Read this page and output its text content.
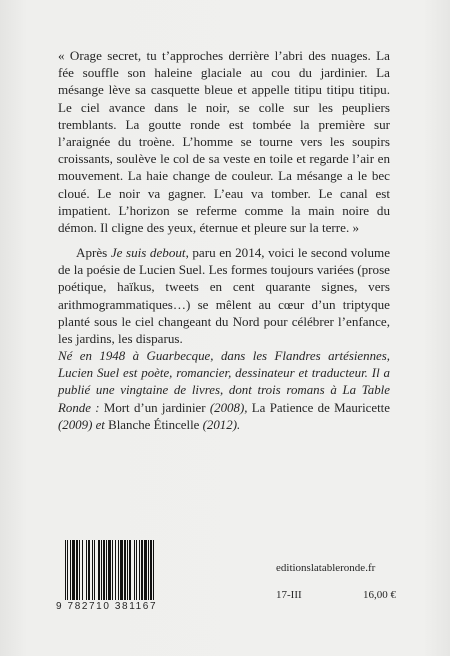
« Orage secret, tu t’approches derrière l’abri des nuages. La fée souffle son haleine glaciale au cou du jardinier. La mésange lève sa casquette bleue et appelle titipu titipu titipu. Le ciel avance dans le noir, se colle sur les peupliers tremblants. La goutte ronde est tombée la première sur l’araignée du troène. L’homme se tourne vers les soupirs croissants, soulève le col de sa veste en toile et regarde l’air en mouvement. La haie change de couleur. La mésange a le bec cloué. Le noir va gagner. L’eau va tomber. Le canal est impatient. L’horizon se referme comme la main noire du démon. Il cligne des yeux, éternue et pleure sur la terre. »

Après Je suis debout, paru en 2014, voici le second volume de la poésie de Lucien Suel. Les formes toujours variées (prose poétique, haïkus, tweets en cent quarante signes, vers arithmogrammatiques…) se mêlent au cœur d’un triptyque planté sous le ciel changeant du Nord pour célébrer l’enfance, les jardins, les disparus.

Né en 1948 à Guarbecque, dans les Flandres artésiennes, Lucien Suel est poète, romancier, dessinateur et traducteur. Il a publié une vingtaine de livres, dont trois romans à La Table Ronde : Mort d’un jardinier (2008), La Patience de Mauricette (2009) et Blanche Étincelle (2012).

9 782710 381167
editionslatableronde.fr
17-III	16,00 €
